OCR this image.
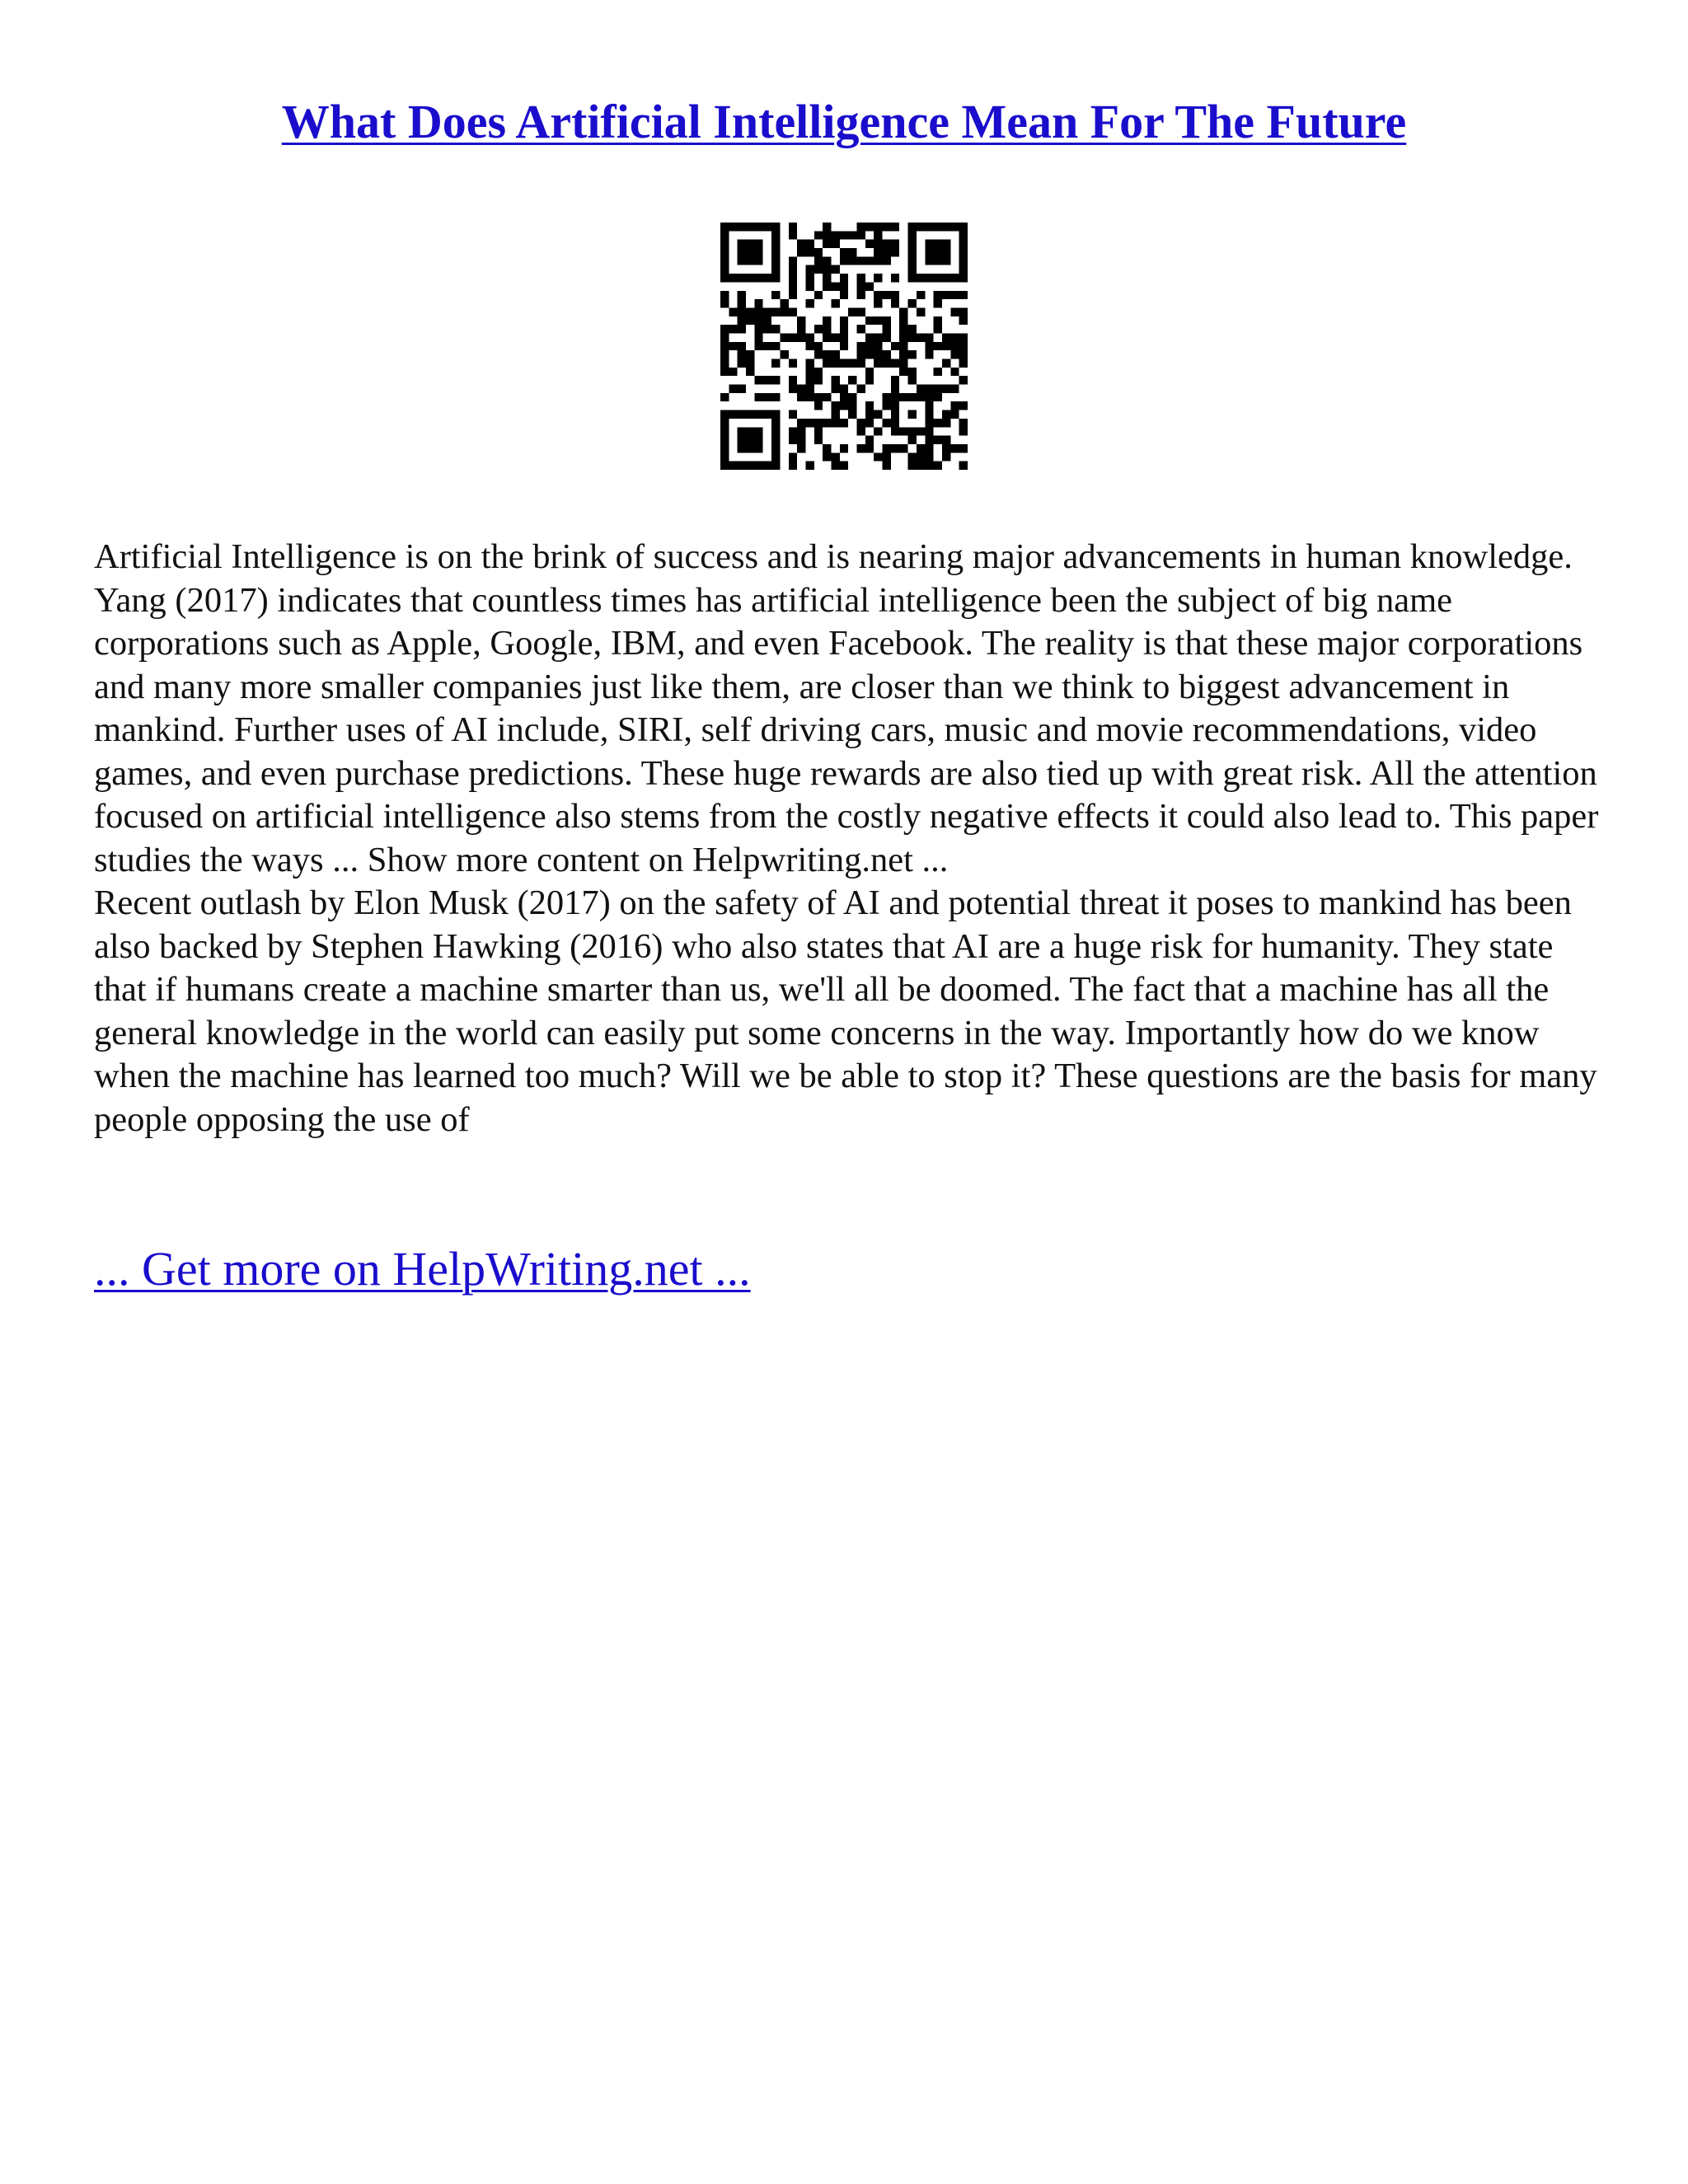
What Does Artificial Intelligence Mean For The Future

Artificial Intelligence is on the brink of success and is nearing major advancements in human knowledge. Yang (2017) indicates that countless times has artificial intelligence been the subject of big name corporations such as Apple, Google, IBM, and even Facebook. The reality is that these major corporations and many more smaller companies just like them, are closer than we think to biggest advancement in mankind. Further uses of AI include, SIRI, self driving cars, music and movie recommendations, video games, and even purchase predictions. These huge rewards are also tied up with great risk. All the attention focused on artificial intelligence also stems from the costly negative effects it could also lead to. This paper studies the ways ... Show more content on Helpwriting.net ...

Recent outlash by Elon Musk (2017) on the safety of AI and potential threat it poses to mankind has been also backed by Stephen Hawking (2016) who also states that AI are a huge risk for humanity. They state that if humans create a machine smarter than us, we'll all be doomed. The fact that a machine has all the general knowledge in the world can easily put some concerns in the way. Importantly how do we know when the machine has learned too much? Will we be able to stop it? These questions are the basis for many people opposing the use of

... Get more on HelpWriting.net ...
